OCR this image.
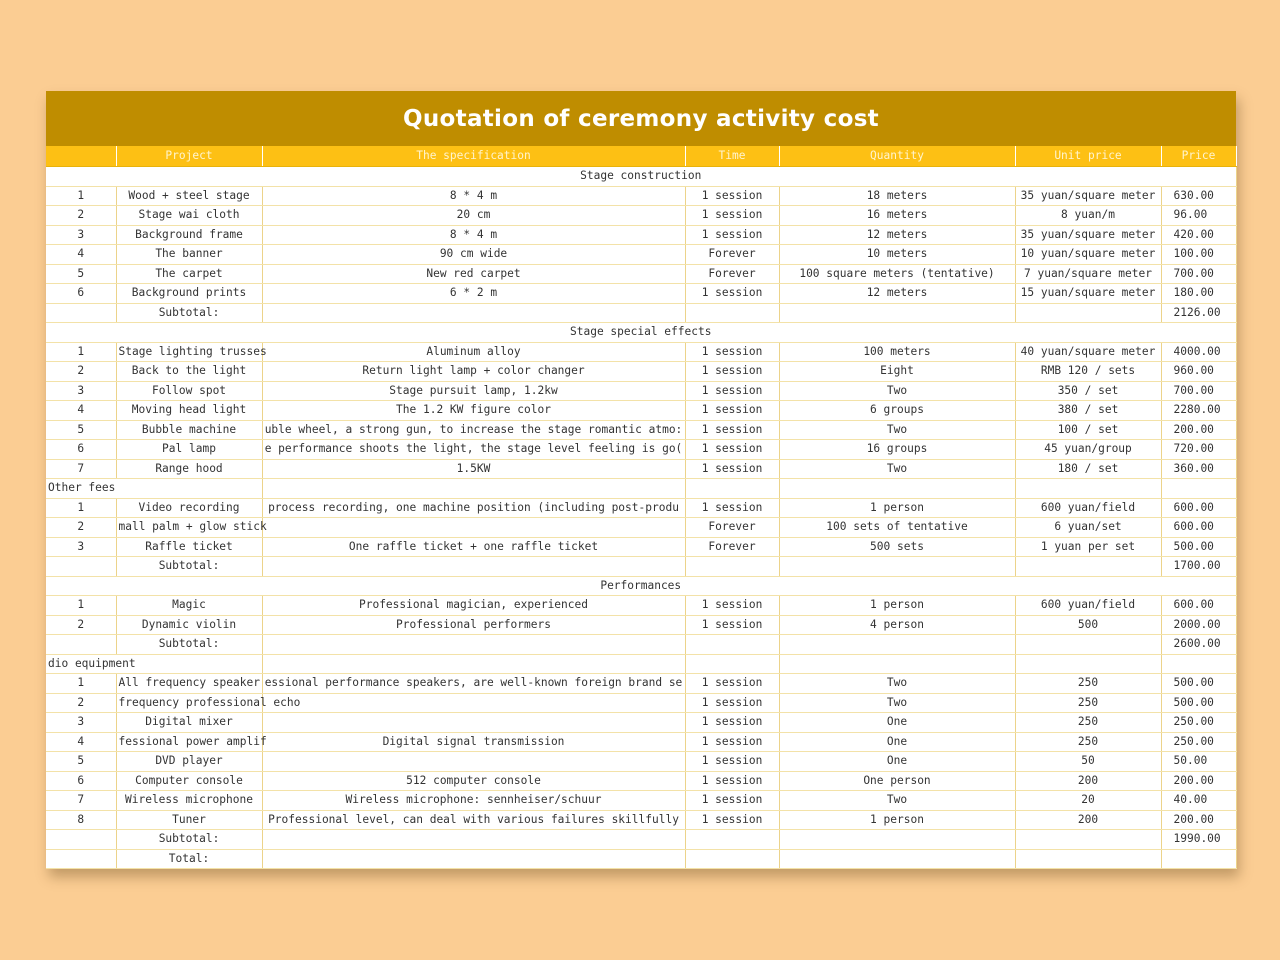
Quotation of ceremony activity cost
	Project	The specification	Time	Quantity	Unit price	Price
Stage construction						
1	Wood + steel stage	8 * 4 m	1 session	18 meters	35 yuan/square meter	630.00
2	Stage wai cloth	20 cm	1 session	16 meters	8 yuan/m	96.00
3	Background frame	8 * 4 m	1 session	12 meters	35 yuan/square meter	420.00
4	The banner	90 cm wide	Forever	10 meters	10 yuan/square meter	100.00
5	The carpet	New red carpet	Forever	100 square meters (tentative)	7 yuan/square meter	700.00
6	Background prints	6 * 2 m	1 session	12 meters	15 yuan/square meter	180.00
	Subtotal:					2126.00
Stage special effects						
1	Stage lighting trusses	Aluminum alloy	1 session	100 meters	40 yuan/square meter	4000.00
2	Back to the light	Return light lamp + color changer	1 session	Eight	RMB 120 / sets	960.00
3	Follow spot	Stage pursuit lamp, 1.2kw	1 session	Two	350 / set	700.00
4	Moving head light	The 1.2 KW figure color	1 session	6 groups	380 / set	2280.00
5	Bubble machine	uble wheel, a strong gun, to increase the stage romantic atmo:	1 session	Two	100 / set	200.00
6	Pal lamp	e performance shoots the light, the stage level feeling is go(	1 session	16 groups	45 yuan/group	720.00
7	Range hood	1.5KW	1 session	Two	180 / set	360.00
Other fees						
1	Video recording	process recording, one machine position (including post-produ	1 session	1 person	600 yuan/field	600.00
2	mall palm + glow stick		Forever	100 sets of tentative	6 yuan/set	600.00
3	Raffle ticket	One raffle ticket + one raffle ticket	Forever	500 sets	1 yuan per set	500.00
	Subtotal:					1700.00
Performances						
1	Magic	Professional magician, experienced	1 session	1 person	600 yuan/field	600.00
2	Dynamic violin	Professional performers	1 session	4 person	500	2000.00
	Subtotal:					2600.00
dio equipment						
1	All frequency speaker	essional performance speakers, are well-known foreign brand se	1 session	Two	250	500.00
2	frequency professional echo		1 session	Two	250	500.00
3	Digital mixer		1 session	One	250	250.00
4	fessional power amplif	Digital signal transmission	1 session	One	250	250.00
5	DVD player		1 session	One	50	50.00
6	Computer console	512 computer console	1 session	One person	200	200.00
7	Wireless microphone	Wireless microphone: sennheiser/schuur	1 session	Two	20	40.00
8	Tuner	Professional level, can deal with various failures skillfully	1 session	1 person	200	200.00
	Subtotal:					1990.00
	Total:					
